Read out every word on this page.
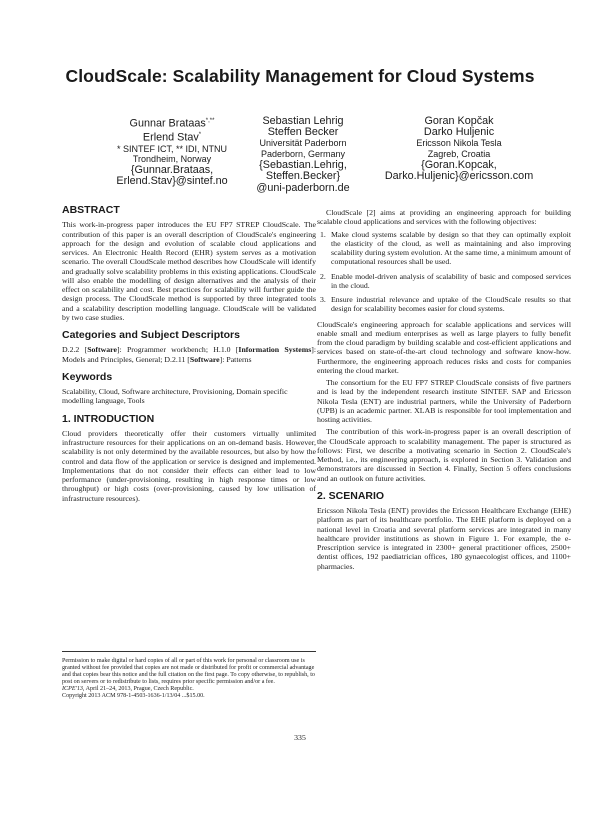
CloudScale: Scalability Management for Cloud Systems
Gunnar Brataas*,**
Erlend Stav*
* SINTEF ICT, ** IDI, NTNU
Trondheim, Norway
{Gunnar.Brataas,
Erlend.Stav}@sintef.no
Sebastian Lehrig
Steffen Becker
Universität Paderborn
Paderborn, Germany
{Sebastian.Lehrig,
Steffen.Becker}
@uni-paderborn.de
Goran Kopčak
Darko Huljenic
Ericsson Nikola Tesla
Zagreb, Croatia
{Goran.Kopcak,
Darko.Huljenic}@ericsson.com
ABSTRACT

This work-in-progress paper introduces the EU FP7 STREP CloudScale. The contribution of this paper is an overall description of CloudScale's engineering approach for the design and evolution of scalable cloud applications and services. An Electronic Health Record (EHR) system serves as a motivation scenario. The overall CloudScale method describes how CloudScale will identify and gradually solve scalability problems in this existing applications. CloudScale will also enable the modelling of design alternatives and the analysis of their effect on scalability and cost. Best practices for scalability will further guide the design process. The CloudScale method is supported by three integrated tools and a scalability description modelling language. CloudScale will be validated by two case studies.

Categories and Subject Descriptors

D.2.2 [Software]: Programmer workbench; H.1.0 [Information Systems]: Models and Principles, General; D.2.11 [Software]: Patterns

Keywords

Scalability, Cloud, Software architecture, Provisioning, Domain specific modelling language, Tools

1. INTRODUCTION

Cloud providers theoretically offer their customers virtually unlimited infrastructure resources for their applications on an on-demand basis. However, scalability is not only determined by the available resources, but also by how the control and data flow of the application or service is designed and implemented. Implementations that do not consider their effects can either lead to low performance (under-provisioning, resulting in high response times or low throughput) or high costs (over-provisioning, caused by low utilisation of infrastructure resources).

Permission to make digital or hard copies of all or part of this work for personal or classroom use is granted without fee provided that copies are not made or distributed for profit or commercial advantage and that copies bear this notice and the full citation on the first page. To copy otherwise, to republish, to post on servers or to redistribute to lists, requires prior specific permission and/or a fee.

ICPE'13, April 21–24, 2013, Prague, Czech Republic.

Copyright 2013 ACM 978-1-4503-1636-1/13/04 ...$15.00.

CloudScale [2] aims at providing an engineering approach for building scalable cloud applications and services with the following objectives:

1. Make cloud systems scalable by design so that they can optimally exploit the elasticity of the cloud, as well as maintaining and also improving scalability during system evolution. At the same time, a minimum amount of computational resources shall be used.
2. Enable model-driven analysis of scalability of basic and composed services in the cloud.
3. Ensure industrial relevance and uptake of the CloudScale results so that design for scalability becomes easier for cloud systems.

CloudScale's engineering approach for scalable applications and services will enable small and medium enterprises as well as large players to fully benefit from the cloud paradigm by building scalable and cost-efficient applications and services based on state-of-the-art cloud technology and software know-how. Furthermore, the engineering approach reduces risks and costs for companies entering the cloud market.

The consortium for the EU FP7 STREP CloudScale consists of five partners and is lead by the independent research institute SINTEF. SAP and Ericsson Nikola Tesla (ENT) are industrial partners, while the University of Paderborn (UPB) is an academic partner. XLAB is responsible for tool implementation and hosting activities.

The contribution of this work-in-progress paper is an overall description of the CloudScale approach to scalability management. The paper is structured as follows: First, we describe a motivating scenario in Section 2. CloudScale's Method, i.e., its engineering approach, is explored in Section 3. Validation and demonstrators are discussed in Section 4. Finally, Section 5 offers conclusions and an outlook on future activities.

2. SCENARIO

Ericsson Nikola Tesla (ENT) provides the Ericsson Healthcare Exchange (EHE) platform as part of its healthcare portfolio. The EHE platform is deployed on a national level in Croatia and several platform services are integrated in many healthcare provider institutions as shown in Figure 1. For example, the e-Prescription service is integrated in 2300+ general practitioner offices, 2500+ dentist offices, 192 paediatrician offices, 180 gynaecologist offices, and 1100+ pharmacies.

335
